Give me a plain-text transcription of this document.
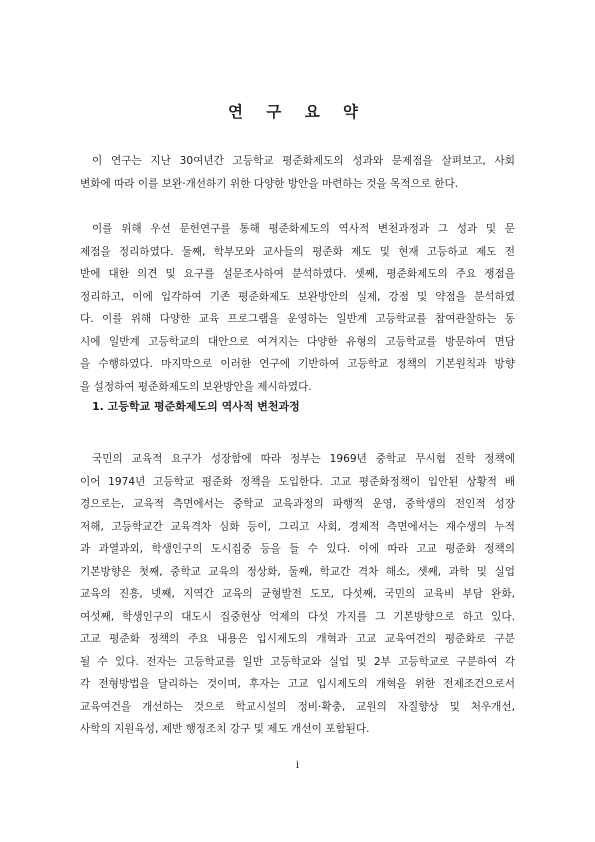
연 구 요 약
이 연구는 지난 30여년간 고등학교 평준화제도의 성과와 문제점을 살펴보고, 사회
변화에 따라 이를 보완·개선하기 위한 다양한 방안을 마련하는 것을 목적으로 한다.
이를 위해 우선 문헌연구를 통해 평준화제도의 역사적 변천과정과 그 성과 및 문
제점을 정리하였다. 둘째, 학부모와 교사들의 평준화 제도 및 현재 고등하교 제도 전
반에 대한 의견 및 요구를 설문조사하여 분석하였다. 셋째, 평준화제도의 주요 쟁점을
정리하고, 이에 입각하여 기존 평준화제도 보완방안의 실제, 강점 및 약점을 분석하였
다. 이를 위해 다양한 교육 프로그램을 운영하는 일반계 고등학교를 참여관찰하는 동
시에 일반계 고등학교의 대안으로 여겨지는 다양한 유형의 고등학교를 방문하여 면담
을 수행하였다. 마지막으로 이러한 연구에 기반하여 고등학교 정책의 기본원칙과 방향
을 설정하여 평준화제도의 보완방안을 제시하였다.
1. 고등학교 평준화제도의 역사적 변천과정
국민의 교육적 요구가 성장함에 따라 정부는 1969년 중학교 무시험 진학 정책에
이어 1974년 고등학교 평준화 정책을 도입한다. 고교 평준화정책이 입안된 상황적 배
경으로는, 교육적 측면에서는 중학교 교육과정의 파행적 운영, 중학생의 전인적 성장
저해, 고등학교간 교육격차 심화 등이, 그리고 사회, 경제적 측면에서는 재수생의 누적
과 과열과외, 학생인구의 도시집중 등을 들 수 있다. 이에 따라 고교 평준화 정책의
기본방향은 첫째, 중학교 교육의 정상화, 둘째, 학교간 격차 해소, 셋째, 과학 및 실업
교육의 진흥, 넷째, 지역간 교육의 균형발전 도모, 다섯째, 국민의 교육비 부담 완화,
여섯째, 학생인구의 대도시 집중현상 억제의 다섯 가지를 그 기본방향으로 하고 있다.
고교 평준화 정책의 주요 내용은 입시제도의 개혁과 고교 교육여건의 평준화로 구분
될 수 있다. 전자는 고등학교를 일반 고등학교와 실업 및 2부 고등학교로 구분하여 각
각 전형방법을 달리하는 것이며, 후자는 고교 입시제도의 개혁을 위한 전제조건으로서
교육여건을 개선하는 것으로 학교시설의 정비·확충, 교원의 자질향상 및 처우개선,
사학의 지원육성, 제반 행정조치 강구 및 제도 개선이 포함된다.
i
